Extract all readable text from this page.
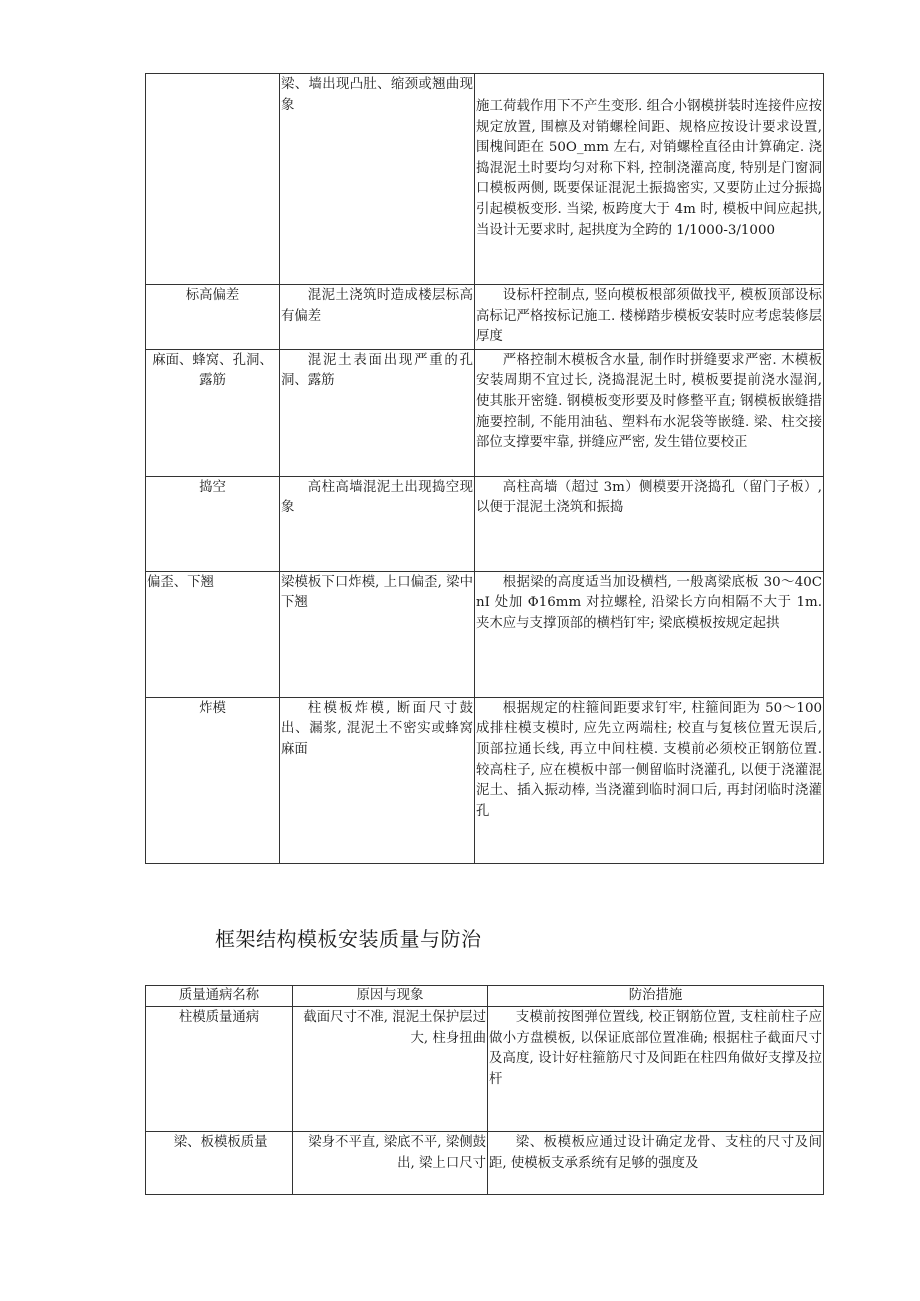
	梁、墙出现凸肚、缩颈或翘曲现象	施工荷载作用下不产生变形. 组合小钢模拼装时连接件应按规定放置, 围檩及对销螺栓间距、规格应按设计要求设置, 围槐间距在 50O_mm 左右, 对销螺栓直径由计算确定. 浇捣混泥土时要均匀对称下料, 控制浇灌高度, 特别是门窗洞口模板两侧, 既要保证混泥土振捣密实, 又要防止过分振捣引起模板变形. 当梁, 板跨度大于 4m 时, 模板中间应起拱, 当设计无要求时, 起拱度为全跨的 1/1000-3/1000
标高偏差	混泥土浇筑时造成楼层标高有偏差	设标杆控制点, 竖向模板根部须做找平, 模板顶部设标高标记严格按标记施工. 楼梯踏步模板安装时应考虑装修层厚度
麻面、蜂窝、孔洞、露筋	混泥土表面出现严重的孔洞、露筋	严格控制木模板含水量, 制作时拼缝要求严密. 木模板安装周期不宜过长, 浇捣混泥土时, 模板要提前浇水湿润, 使其胀开密缝. 钢模板变形要及时修整平直; 钢模板嵌缝措施要控制, 不能用油毡、塑料布水泥袋等嵌缝. 梁、柱交接部位支撑要牢靠, 拼缝应严密, 发生错位要校正
捣空	高柱高墙混泥土出现捣空现象	高柱高墙（超过 3m）侧模要开浇捣孔（留门子板）, 以便于混泥土浇筑和振捣
偏歪、下翘	梁模板下口炸模, 上口偏歪, 梁中下翘	根据梁的高度适当加设横档, 一般离梁底板 30～40CnI 处加 Φ16mm 对拉螺栓, 沿梁长方向相隔不大于 1m. 夹木应与支撑顶部的横档钉牢; 梁底模板按规定起拱
炸模	柱模板炸模, 断面尺寸鼓出、漏浆, 混泥土不密实或蜂窝麻面	根据规定的柱箍间距要求钉牢, 柱箍间距为 50～100 成排柱模支模时, 应先立两端柱; 校直与复核位置无误后, 顶部拉通长线, 再立中间柱模. 支模前必须校正钢筋位置. 较高柱子, 应在模板中部一侧留临时浇灌孔, 以便于浇灌混泥土、插入振动棒, 当浇灌到临时洞口后, 再封闭临时浇灌孔
框架结构模板安装质量与防治
质量通病名称	原因与现象	防治措施
柱模质量通病	截面尺寸不准, 混泥土保护层过大, 柱身扭曲	支模前按图弹位置线, 校正钢筋位置, 支柱前柱子应做小方盘模板, 以保证底部位置准确; 根据柱子截面尺寸及高度, 设计好柱箍筋尺寸及间距在柱四角做好支撑及拉杆
梁、板模板质量	梁身不平直, 梁底不平, 梁侧鼓出, 梁上口尺寸	梁、板模板应通过设计确定龙骨、支柱的尺寸及间距, 使模板支承系统有足够的强度及
